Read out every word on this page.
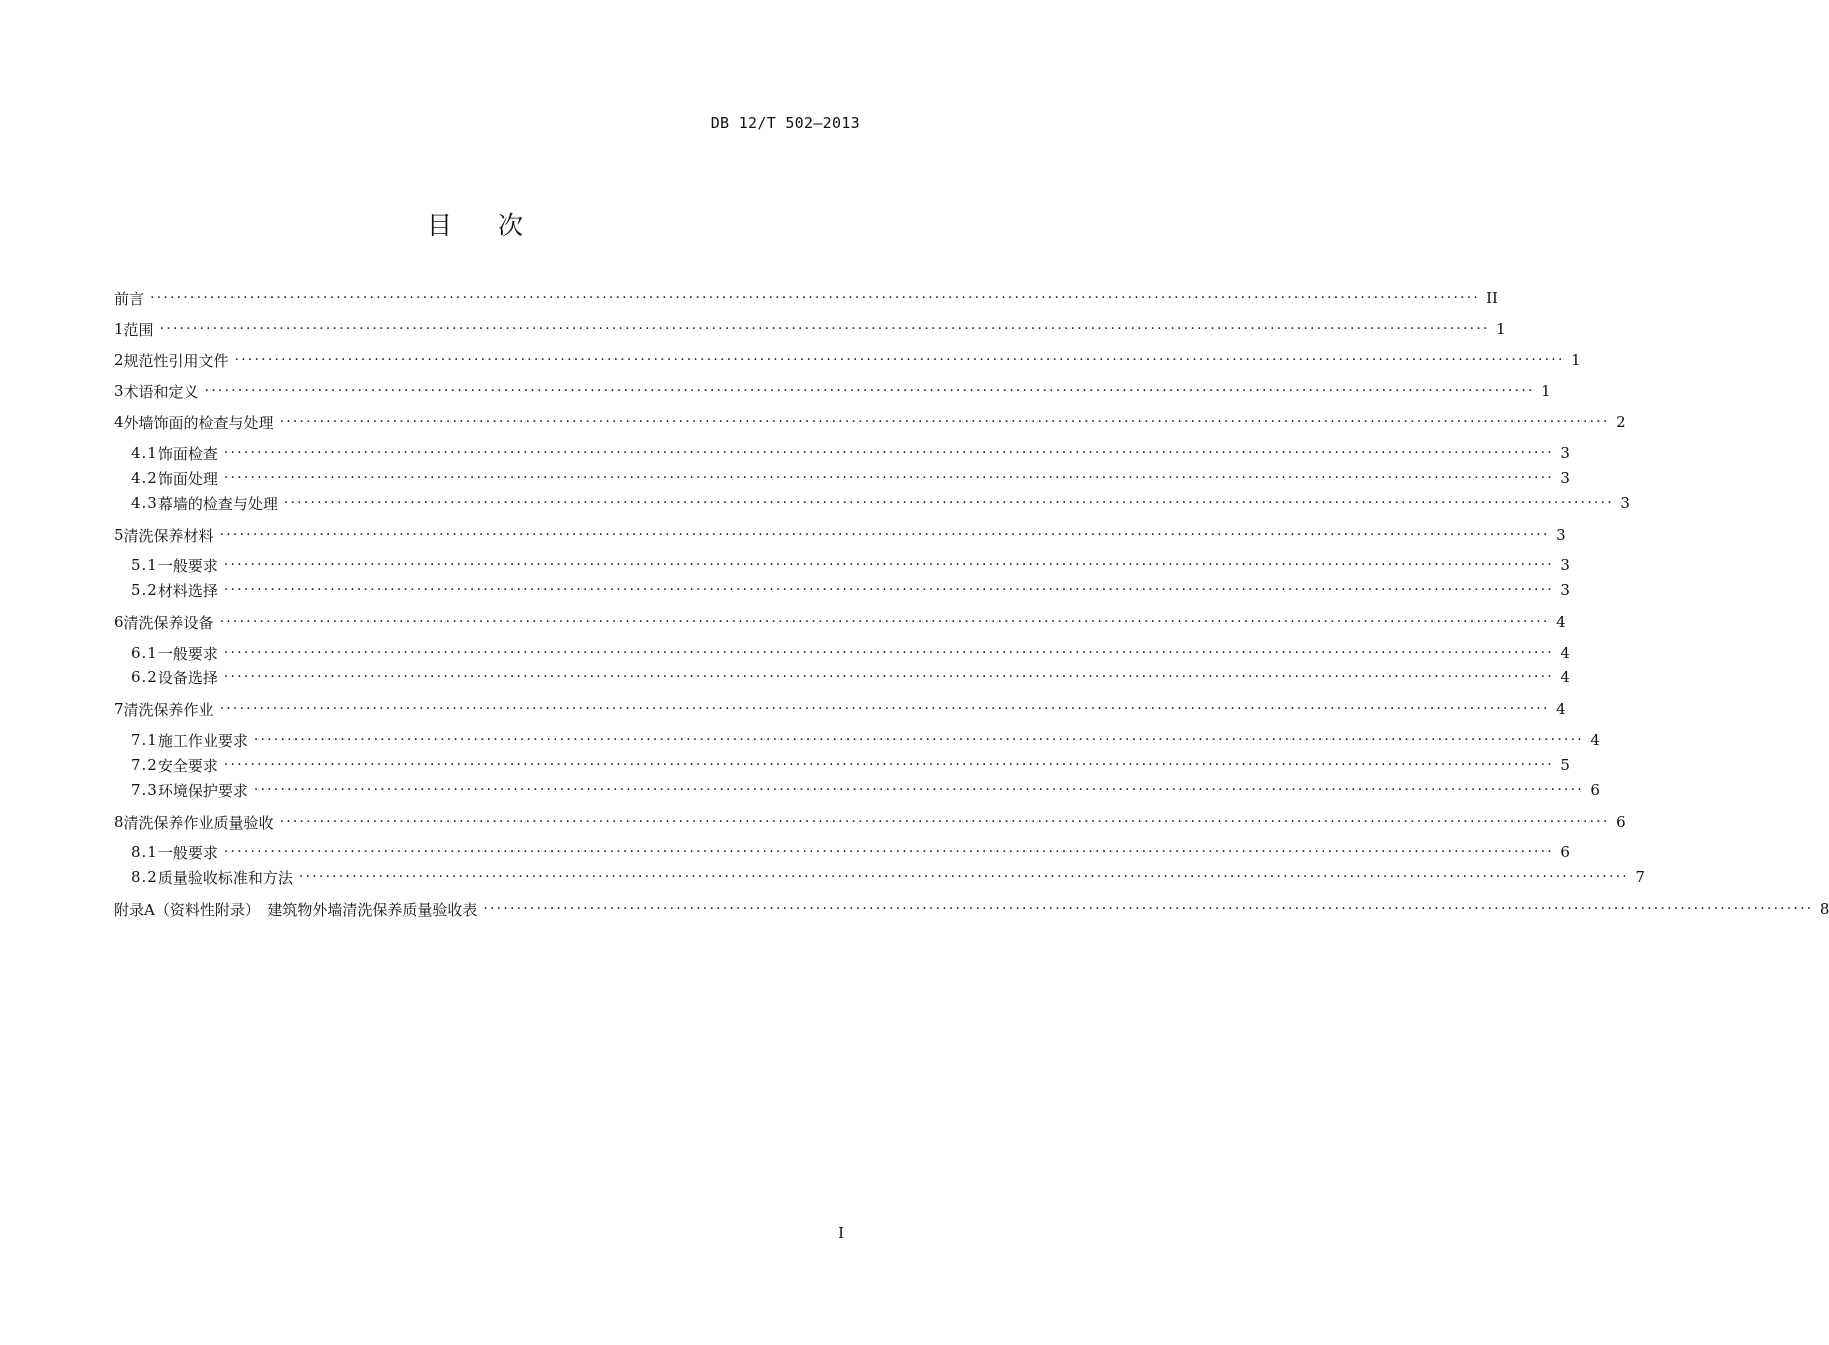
DB 12/T 502—2013
目 次
前言 ········································································································································································································ II
1 范围 ········································································································································································································ 1
2 规范性引用文件 ········································································································································································································ 1
3 术语和定义 ········································································································································································································ 1
4 外墙饰面的检查与处理 ········································································································································································································ 2
4.1 饰面检查 ········································································································································································································ 3
4.2 饰面处理 ········································································································································································································ 3
4.3 幕墙的检查与处理 ········································································································································································································ 3
5 清洗保养材料 ········································································································································································································ 3
5.1 一般要求 ········································································································································································································ 3
5.2 材料选择 ········································································································································································································ 3
6 清洗保养设备 ········································································································································································································ 4
6.1 一般要求 ········································································································································································································ 4
6.2 设备选择 ········································································································································································································ 4
7 清洗保养作业 ········································································································································································································ 4
7.1 施工作业要求 ········································································································································································································ 4
7.2 安全要求 ········································································································································································································ 5
7.3 环境保护要求 ········································································································································································································ 6
8 清洗保养作业质量验收 ········································································································································································································ 6
8.1 一般要求 ········································································································································································································ 6
8.2 质量验收标准和方法 ········································································································································································································ 7
附录A（资料性附录）　建筑物外墙清洗保养质量验收表 ········································································································································································································ 8
I
